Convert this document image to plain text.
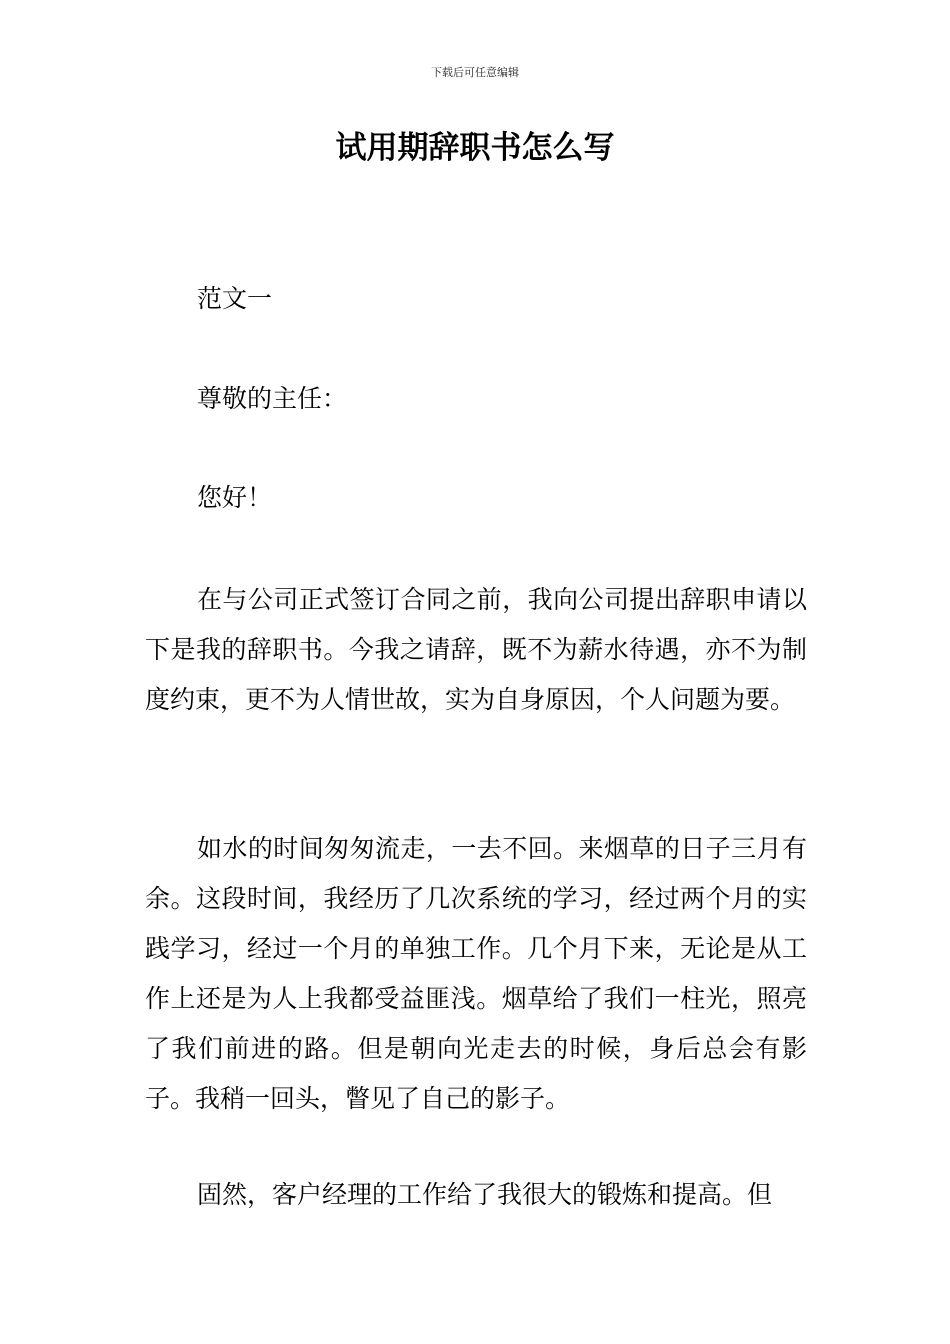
下载后可任意编辑
试用期辞职书怎么写

范文一

尊敬的主任：

您好！

在与公司正式签订合同之前，我向公司提出辞职申请以下是我的辞职书。今我之请辞，既不为薪水待遇，亦不为制度约束，更不为人情世故，实为自身原因，个人问题为要。

如水的时间匆匆流走，一去不回。来烟草的日子三月有余。这段时间，我经历了几次系统的学习，经过两个月的实践学习，经过一个月的单独工作。几个月下来，无论是从工作上还是为人上我都受益匪浅。烟草给了我们一柱光，照亮了我们前进的路。但是朝向光走去的时候，身后总会有影子。我稍一回头，瞥见了自己的影子。

固然，客户经理的工作给了我很大的锻炼和提高。但
